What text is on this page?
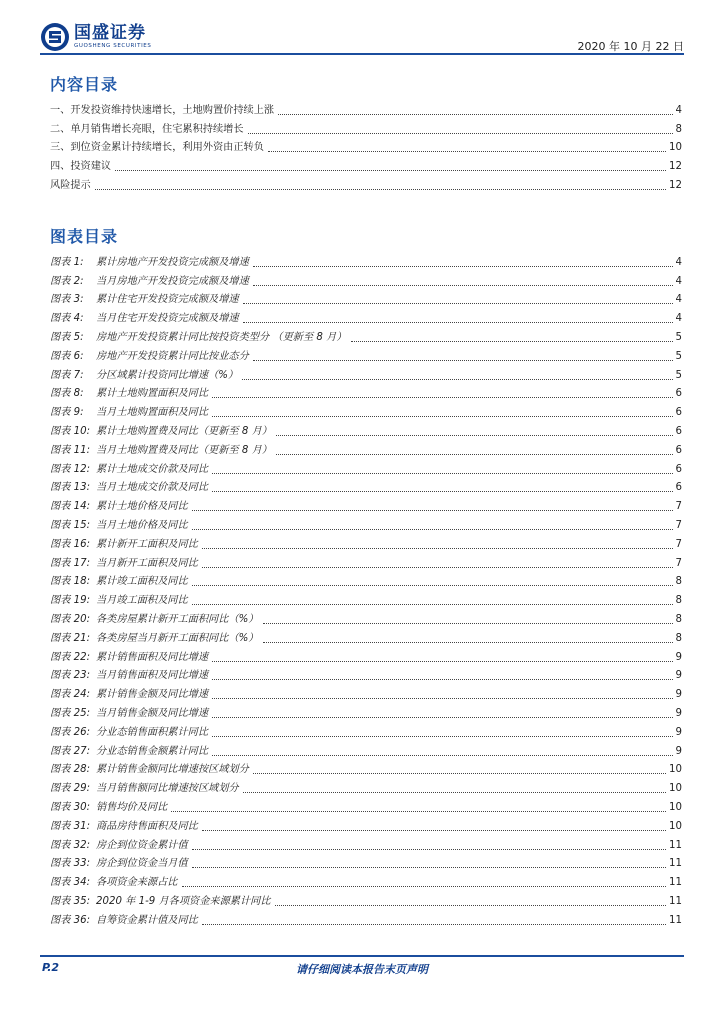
国盛证券
GUOSHENG SECURITIES	2020 年 10 月 22 日
内容目录
一、开发投资维持快速增长，土地购置价持续上涨	4
二、单月销售增长亮眼，住宅累积持续增长	8
三、到位资金累计持续增长，利用外资由正转负	10
四、投资建议	12
风险提示	12
图表目录
图表 1: 累计房地产开发投资完成额及增速	4
图表 2: 当月房地产开发投资完成额及增速	4
图表 3: 累计住宅开发投资完成额及增速	4
图表 4: 当月住宅开发投资完成额及增速	4
图表 5: 房地产开发投资累计同比按投资类型分 （更新至 8 月）	5
图表 6: 房地产开发投资累计同比按业态分	5
图表 7: 分区域累计投资同比增速（%）	5
图表 8: 累计土地购置面积及同比	6
图表 9: 当月土地购置面积及同比	6
图表 10: 累计土地购置费及同比（更新至 8 月）	6
图表 11: 当月土地购置费及同比（更新至 8 月）	6
图表 12: 累计土地成交价款及同比	6
图表 13: 当月土地成交价款及同比	6
图表 14: 累计土地价格及同比	7
图表 15: 当月土地价格及同比	7
图表 16: 累计新开工面积及同比	7
图表 17: 当月新开工面积及同比	7
图表 18: 累计竣工面积及同比	8
图表 19: 当月竣工面积及同比	8
图表 20: 各类房屋累计新开工面积同比（%）	8
图表 21: 各类房屋当月新开工面积同比（%）	8
图表 22: 累计销售面积及同比增速	9
图表 23: 当月销售面积及同比增速	9
图表 24: 累计销售金额及同比增速	9
图表 25: 当月销售金额及同比增速	9
图表 26: 分业态销售面积累计同比	9
图表 27: 分业态销售金额累计同比	9
图表 28: 累计销售金额同比增速按区域划分	10
图表 29: 当月销售额同比增速按区域划分	10
图表 30: 销售均价及同比	10
图表 31: 商品房待售面积及同比	10
图表 32: 房企到位资金累计值	11
图表 33: 房企到位资金当月值	11
图表 34: 各项资金来源占比	11
图表 35: 2020 年 1-9 月各项资金来源累计同比	11
图表 36: 自筹资金累计值及同比	11
P.2	请仔细阅读本报告末页声明
